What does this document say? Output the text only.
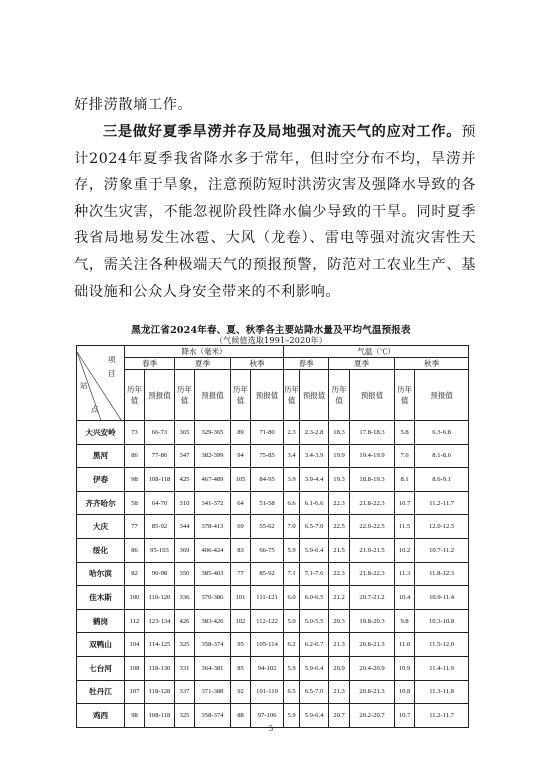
好排涝散墒工作。

三是做好夏季旱涝并存及局地强对流天气的应对工作。预计2024年夏季我省降水多于常年，但时空分布不均，旱涝并存，涝象重于旱象，注意预防短时洪涝灾害及强降水导致的各种次生灾害，不能忽视阶段性降水偏少导致的干旱。同时夏季我省局地易发生冰雹、大风（龙卷）、雷电等强对流灾害性天气，需关注各种极端天气的预报预警，防范对工农业生产、基础设施和公众人身安全带来的不利影响。

黑龙江省2024年春、夏、秋季各主要站降水量及平均气温预报表
（气候值选取1991–2020年）
项
目
站
点	降水（毫米）						气温（℃）					
	春季		夏季		秋季		春季		夏季		秋季	
	历年值	预报值	历年值	预报值	历年值	预报值	历年值	预报值	历年值	预报值	历年值	预报值
大兴安岭	73	66-73	365	329-365	89	71-80	2.3	2.3-2.8	18.3	17.8-18.3	5.8	6.3-6.8
黑河	86	77-86	347	382-399	94	75-85	3.4	3.4-3.9	19.9	19.4-19.9	7.6	8.1-8.6
伊春	98	108-118	425	467-489	105	84-95	3.9	3.9-4.4	19.3	18.8-19.3	8.1	8.6-9.1
齐齐哈尔	58	64-70	310	341-372	64	51-58	6.6	6.1-6.6	22.3	21.8-22.3	10.7	11.2-11.7
大庆	77	85-92	344	378-413	69	55-62	7.0	6.5-7.0	22.5	22.0-22.5	11.5	12.0-12.5
绥化	86	95-103	369	406-424	83	66-75	5.9	5.9-6.4	21.5	21.0-21.5	10.2	10.7-11.2
哈尔滨	82	90-98	350	385-403	77	85-92	7.1	7.1-7.6	22.3	21.8-22.3	11.3	11.8-12.3
佳木斯	100	110-120	336	370-386	101	111-121	6.0	6.0-6.5	21.2	20.7-21.2	10.4	10.9-11.4
鹤岗	112	123-134	426	383-426	102	112-122	5.0	5.0-5.5	20.3	19.8-20.3	9.8	10.3-10.8
双鸭山	104	114-125	325	358-374	95	105-114	6.2	6.2-6.7	21.3	20.8-21.3	11.0	11.5-12.0
七台河	108	118-130	331	364-381	85	94-102	5.9	5.9-6.4	20.9	20.4-20.9	10.9	11.4-11.9
牡丹江	107	118-128	337	371-388	92	101-110	6.5	6.5-7.0	21.3	20.8-21.3	10.8	11.3-11.8
鸡西	98	108-118	325	358-374	88	97-106	5.9	5.9-6.4	20.7	20.2-20.7	10.7	11.2-11.7
5
